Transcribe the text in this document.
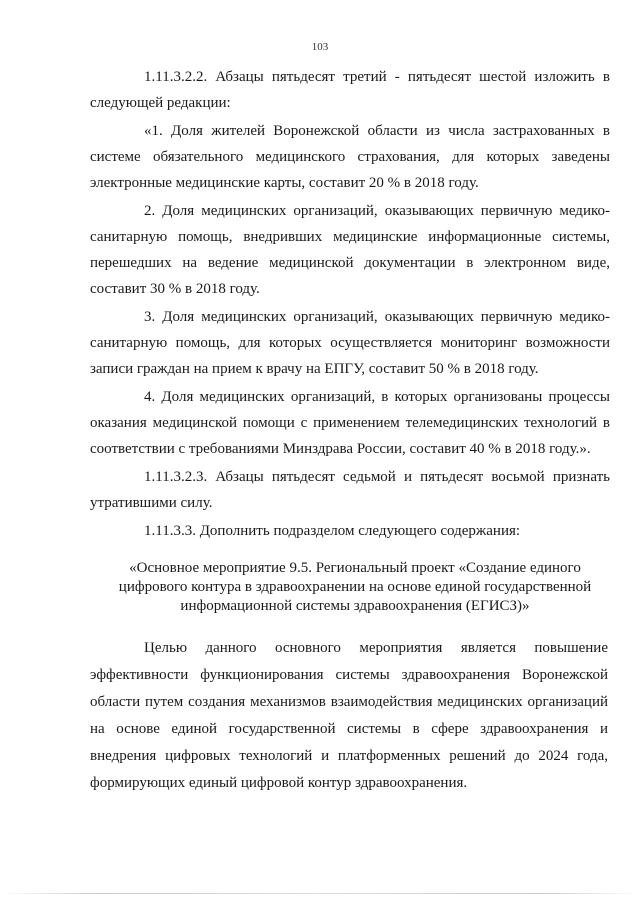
103

1.11.3.2.2. Абзацы пятьдесят третий - пятьдесят шестой изложить в следующей редакции:

«1. Доля жителей Воронежской области из числа застрахованных в системе обязательного медицинского страхования, для которых заведены электронные медицинские карты, составит 20 % в 2018 году.

2. Доля медицинских организаций, оказывающих первичную медико-санитарную помощь, внедривших медицинские информационные системы, перешедших на ведение медицинской документации в электронном виде, составит 30 % в 2018 году.

3. Доля медицинских организаций, оказывающих первичную медико-санитарную помощь, для которых осуществляется мониторинг возможности записи граждан на прием к врачу на ЕПГУ, составит 50 % в 2018 году.

4. Доля медицинских организаций, в которых организованы процессы оказания медицинской помощи с применением телемедицинских технологий в соответствии с требованиями Минздрава России, составит 40 % в 2018 году.».

1.11.3.2.3. Абзацы пятьдесят седьмой и пятьдесят восьмой признать утратившими силу.

1.11.3.3. Дополнить подразделом следующего содержания:

«Основное мероприятие 9.5. Региональный проект «Создание единого цифрового контура в здравоохранении на основе единой государственной информационной системы здравоохранения (ЕГИСЗ)»
Целью данного основного мероприятия является повышение эффективности функционирования системы здравоохранения Воронежской области путем создания механизмов взаимодействия медицинских организаций на основе единой государственной системы в сфере здравоохранения и внедрения цифровых технологий и платформенных решений до 2024 года, формирующих единый цифровой контур здравоохранения.
